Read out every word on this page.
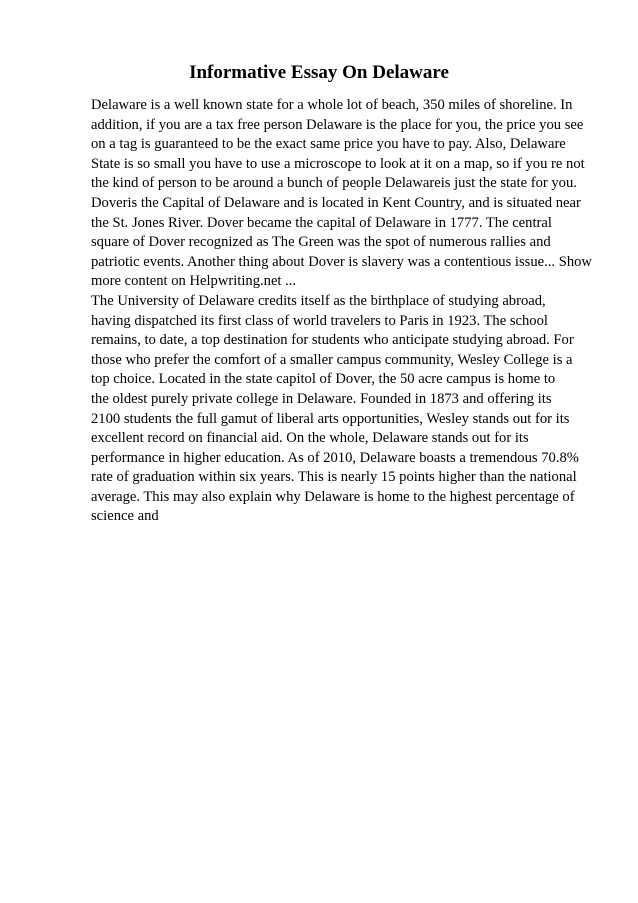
Informative Essay On Delaware

Delaware is a well known state for a whole lot of beach, 350 miles of shoreline. In
addition, if you are a tax free person Delaware is the place for you, the price you see
on a tag is guaranteed to be the exact same price you have to pay. Also, Delaware
State is so small you have to use a microscope to look at it on a map, so if you re not
the kind of person to be around a bunch of people Delawareis just the state for you.
Doveris the Capital of Delaware and is located in Kent Country, and is situated near
the St. Jones River. Dover became the capital of Delaware in 1777. The central
square of Dover recognized as The Green was the spot of numerous rallies and
patriotic events. Another thing about Dover is slavery was a contentious issue... Show
more content on Helpwriting.net ...

The University of Delaware credits itself as the birthplace of studying abroad,
having dispatched its first class of world travelers to Paris in 1923. The school
remains, to date, a top destination for students who anticipate studying abroad. For
those who prefer the comfort of a smaller campus community, Wesley College is a
top choice. Located in the state capitol of Dover, the 50 acre campus is home to
the oldest purely private college in Delaware. Founded in 1873 and offering its
2100 students the full gamut of liberal arts opportunities, Wesley stands out for its
excellent record on financial aid. On the whole, Delaware stands out for its
performance in higher education. As of 2010, Delaware boasts a tremendous 70.8%
rate of graduation within six years. This is nearly 15 points higher than the national
average. This may also explain why Delaware is home to the highest percentage of
science and
